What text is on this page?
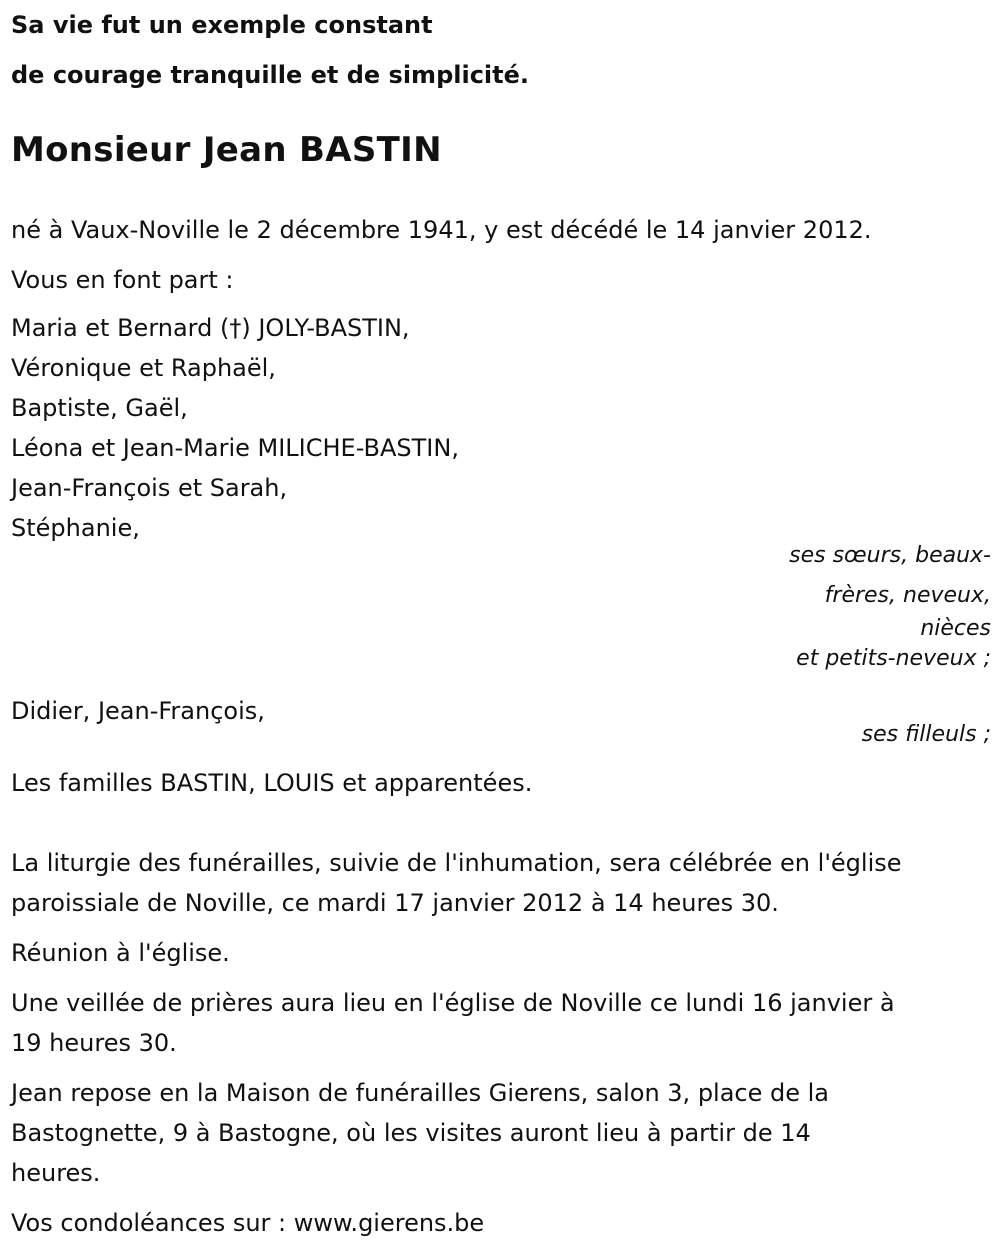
Sa vie fut un exemple constant
de courage tranquille et de simplicité.
Monsieur Jean BASTIN
né à Vaux-Noville le 2 décembre 1941, y est décédé le 14 janvier 2012.
Vous en font part :
Maria et Bernard (†) JOLY-BASTIN,
Véronique et Raphaël,
Baptiste, Gaël,
Léona et Jean-Marie MILICHE-BASTIN,
Jean-François et Sarah,
Stéphanie,
ses sœurs, beaux-
frères, neveux,
nièces
et petits-neveux ;
Didier, Jean-François,
ses filleuls ;
Les familles BASTIN, LOUIS et apparentées.
La liturgie des funérailles, suivie de l'inhumation, sera célébrée en l'église
paroissiale de Noville, ce mardi 17 janvier 2012 à 14 heures 30.
Réunion à l'église.
Une veillée de prières aura lieu en l'église de Noville ce lundi 16 janvier à
19 heures 30.
Jean repose en la Maison de funérailles Gierens, salon 3, place de la
Bastognette, 9 à Bastogne, où les visites auront lieu à partir de 14
heures.
Vos condoléances sur : www.gierens.be
